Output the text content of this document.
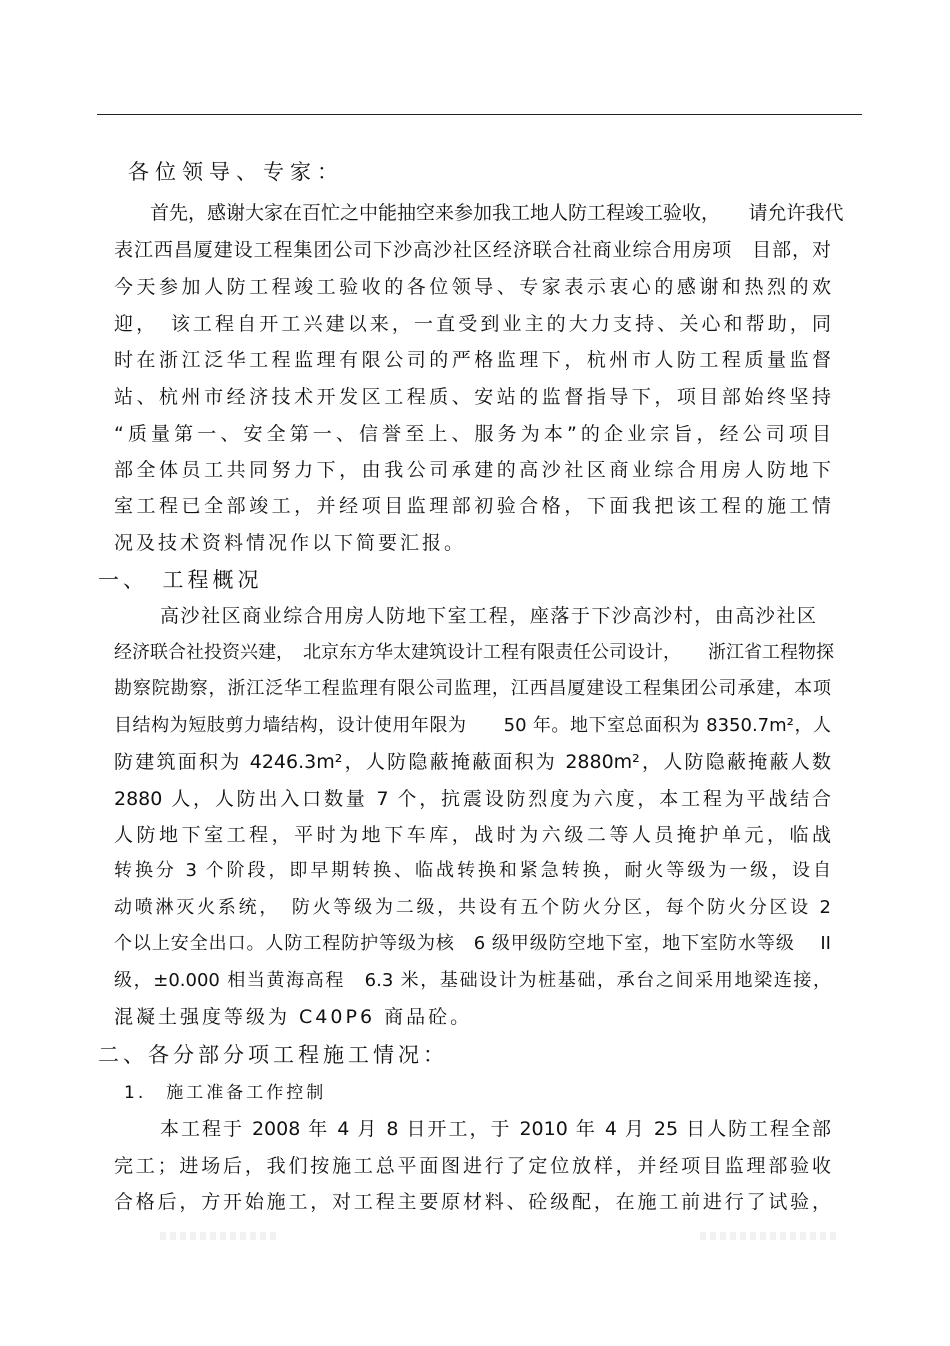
各位领导、专家：
首先，感谢大家在百忙之中能抽空来参加我工地人防工程竣工验收，　　请允许我代
表江西昌厦建设工程集团公司下沙高沙社区经济联合社商业综合用房项　目部，对
今天参加人防工程竣工验收的各位领导、专家表示衷心的感谢和热烈的欢
迎，　该工程自开工兴建以来，一直受到业主的大力支持、关心和帮助，同
时在浙江泛华工程监理有限公司的严格监理下，杭州市人防工程质量监督
站、杭州市经济技术开发区工程质、安站的监督指导下，项目部始终坚持
“质量第一、安全第一、信誉至上、服务为本”的企业宗旨，经公司项目
部全体员工共同努力下，由我公司承建的高沙社区商业综合用房人防地下
室工程已全部竣工，并经项目监理部初验合格，下面我把该工程的施工情
况及技术资料情况作以下简要汇报。
一、　工程概况
高沙社区商业综合用房人防地下室工程，座落于下沙高沙村，由高沙社区
经济联合社投资兴建，　北京东方华太建筑设计工程有限责任公司设计，　　浙江省工程物探
勘察院勘察，浙江泛华工程监理有限公司监理，江西昌厦建设工程集团公司承建，本项
目结构为短肢剪力墙结构，设计使用年限为　　50 年。地下室总面积为 8350.7m²，人
防建筑面积为 4246.3m²，人防隐蔽掩蔽面积为 2880m²，人防隐蔽掩蔽人数
2880 人，人防出入口数量 7 个，抗震设防烈度为六度，本工程为平战结合
人防地下室工程，平时为地下车库，战时为六级二等人员掩护单元，临战
转换分 3 个阶段，即早期转换、临战转换和紧急转换，耐火等级为一级，设自
动喷淋灭火系统，　防火等级为二级，共设有五个防火分区，每个防火分区设 2
个以上安全出口。人防工程防护等级为核　6 级甲级防空地下室，地下室防水等级　 II
级，±0.000 相当黄海高程　6.3 米，基础设计为桩基础，承台之间采用地梁连接，
混凝土强度等级为 C40P6 商品砼。
二、各分部分项工程施工情况：
1.　施工准备工作控制
本工程于 2008 年 4 月 8 日开工，于 2010 年 4 月 25 日人防工程全部
完工；进场后，我们按施工总平面图进行了定位放样，并经项目监理部验收
合格后，方开始施工，对工程主要原材料、砼级配，在施工前进行了试验，
